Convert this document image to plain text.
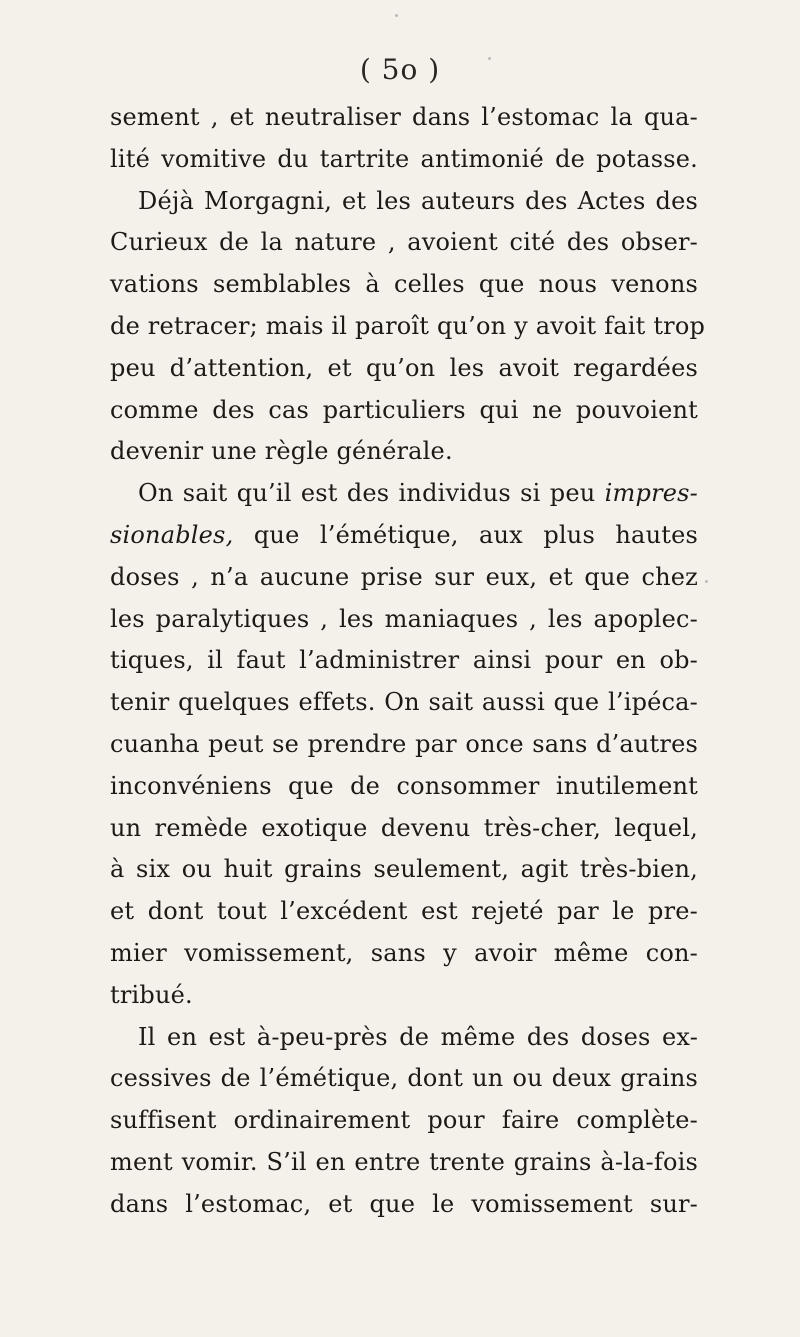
( 5o )
sement , et neutraliser dans l’estomac la qua-
lité vomitive du tartrite antimonié de potasse.
Déjà Morgagni, et les auteurs des Actes des
Curieux de la nature , avoient cité des obser-
vations semblables à celles que nous venons
de retracer; mais il paroît qu’on y avoit fait trop
peu d’attention, et qu’on les avoit regardées
comme des cas particuliers qui ne pouvoient
devenir une règle générale.
On sait qu’il est des individus si peu impres-
sionables, que l’émétique, aux plus hautes
doses , n’a aucune prise sur eux, et que chez
les paralytiques , les maniaques , les apoplec-
tiques, il faut l’administrer ainsi pour en ob-
tenir quelques effets. On sait aussi que l’ipéca-
cuanha peut se prendre par once sans d’autres
inconvéniens que de consommer inutilement
un remède exotique devenu très-cher, lequel,
à six ou huit grains seulement, agit très-bien,
et dont tout l’excédent est rejeté par le pre-
mier vomissement, sans y avoir même con-
tribué.
Il en est à-peu-près de même des doses ex-
cessives de l’émétique, dont un ou deux grains
suffisent ordinairement pour faire complète-
ment vomir. S’il en entre trente grains à-la-fois
dans l’estomac, et que le vomissement sur-
